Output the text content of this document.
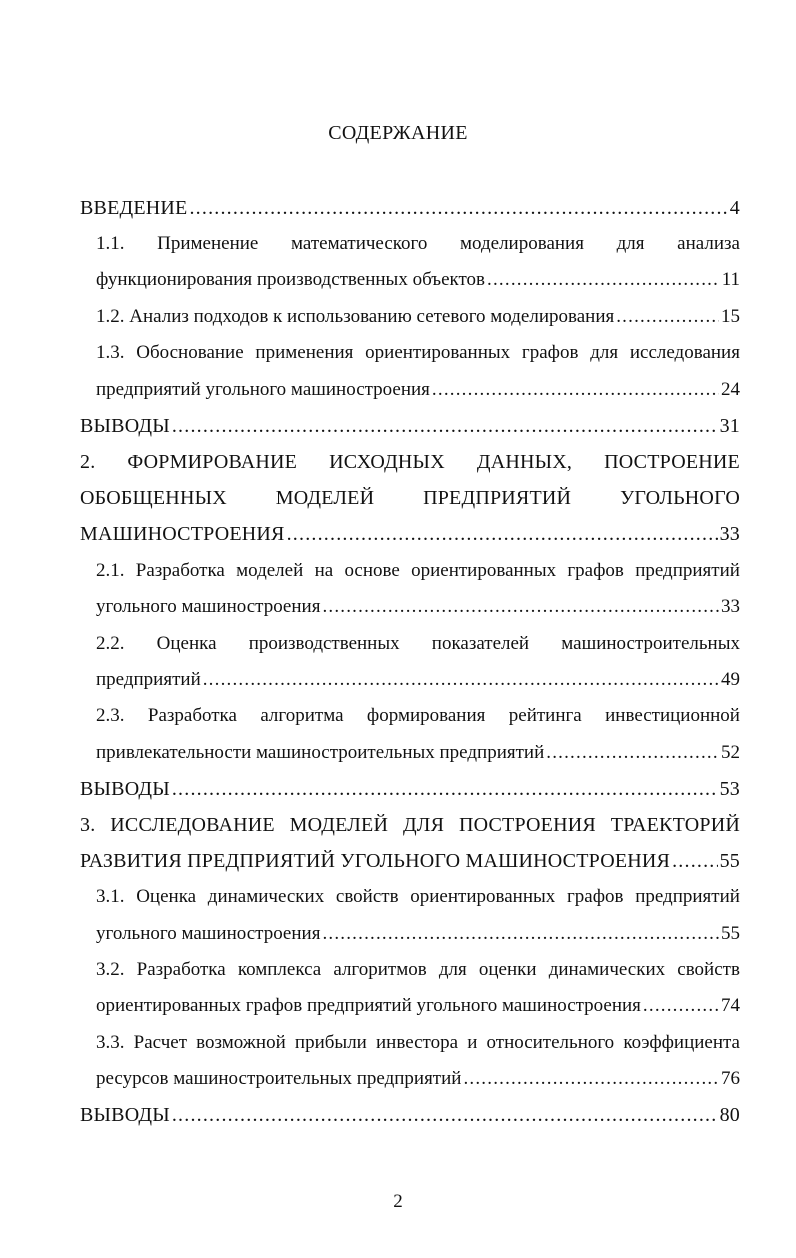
СОДЕРЖАНИЕ
ВВЕДЕНИЕ .....	4
1.1. Применение математического моделирования для анализа
функционирования производственных объектов .....	11
1.2. Анализ подходов к использованию сетевого моделирования .....	15
1.3. Обоснование применения ориентированных графов для исследования
предприятий угольного машиностроения .....	24
ВЫВОДЫ .....	31
2. ФОРМИРОВАНИЕ ИСХОДНЫХ ДАННЫХ, ПОСТРОЕНИЕ
ОБОБЩЕННЫХ МОДЕЛЕЙ ПРЕДПРИЯТИЙ УГОЛЬНОГО
МАШИНОСТРОЕНИЯ .....	33
2.1. Разработка моделей на основе ориентированных графов предприятий
угольного машиностроения .....	33
2.2. Оценка производственных показателей машиностроительных
предприятий .....	49
2.3. Разработка алгоритма формирования рейтинга инвестиционной
привлекательности машиностроительных предприятий .....	52
ВЫВОДЫ .....	53
3. ИССЛЕДОВАНИЕ МОДЕЛЕЙ ДЛЯ ПОСТРОЕНИЯ ТРАЕКТОРИЙ
РАЗВИТИЯ ПРЕДПРИЯТИЙ УГОЛЬНОГО МАШИНОСТРОЕНИЯ ..... 55
3.1. Оценка динамических свойств ориентированных графов предприятий
угольного машиностроения .....	55
3.2. Разработка комплекса алгоритмов для оценки динамических свойств
ориентированных графов предприятий угольного машиностроения .....	74
3.3. Расчет возможной прибыли инвестора и относительного коэффициента
ресурсов машиностроительных предприятий .....	76
ВЫВОДЫ .....	80
2
